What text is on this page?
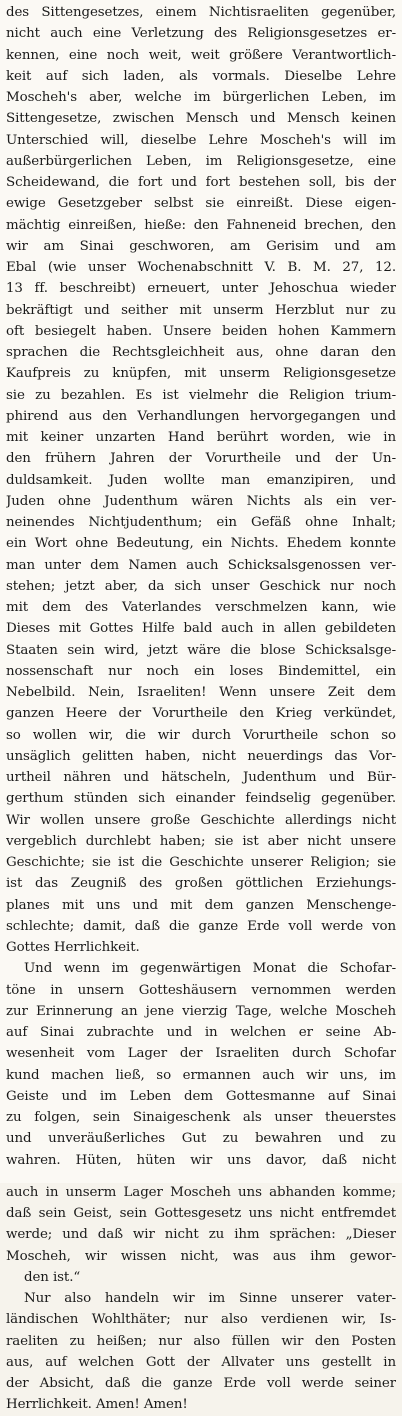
des Sittengesetzes, einem Nichtisraeliten gegenüber,
nicht auch eine Verletzung des Religionsgesetzes er-
kennen, eine noch weit, weit größere Verantwortlich-
keit auf sich laden, als vormals. Dieselbe Lehre
Moscheh's aber, welche im bürgerlichen Leben, im
Sittengesetze, zwischen Mensch und Mensch keinen
Unterschied will, dieselbe Lehre Moscheh's will im
außerbürgerlichen Leben, im Religionsgesetze, eine
Scheidewand, die fort und fort bestehen soll, bis der
ewige Gesetzgeber selbst sie einreißt. Diese eigen-
mächtig einreißen, hieße: den Fahneneid brechen, den
wir am Sinai geschworen, am Gerisim und am
Ebal (wie unser Wochenabschnitt V. B. M. 27, 12.
13 ff. beschreibt) erneuert, unter Jehoschua wieder
bekräftigt und seither mit unserm Herzblut nur zu
oft besiegelt haben. Unsere beiden hohen Kammern
sprachen die Rechtsgleichheit aus, ohne daran den
Kaufpreis zu knüpfen, mit unserm Religionsgesetze
sie zu bezahlen. Es ist vielmehr die Religion trium-
phirend aus den Verhandlungen hervorgegangen und
mit keiner unzarten Hand berührt worden, wie in
den frühern Jahren der Vorurtheile und der Un-
duldsamkeit. Juden wollte man emanzipiren, und
Juden ohne Judenthum wären Nichts als ein ver-
neinendes Nichtjudenthum; ein Gefäß ohne Inhalt;
ein Wort ohne Bedeutung, ein Nichts. Ehedem konnte
man unter dem Namen auch Schicksalsgenossen ver-
stehen; jetzt aber, da sich unser Geschick nur noch
mit dem des Vaterlandes verschmelzen kann, wie
Dieses mit Gottes Hilfe bald auch in allen gebildeten
Staaten sein wird, jetzt wäre die blose Schicksalsge-
nossenschaft nur noch ein loses Bindemittel, ein
Nebelbild. Nein, Israeliten! Wenn unsere Zeit dem
ganzen Heere der Vorurtheile den Krieg verkündet,
so wollen wir, die wir durch Vorurtheile schon so
unsäglich gelitten haben, nicht neuerdings das Vor-
urtheil nähren und hätscheln, Judenthum und Bür-
gerthum stünden sich einander feindselig gegenüber.
Wir wollen unsere große Geschichte allerdings nicht
vergeblich durchlebt haben; sie ist aber nicht unsere
Geschichte; sie ist die Geschichte unserer Religion; sie
ist das Zeugniß des großen göttlichen Erziehungs-
planes mit uns und mit dem ganzen Menschenge-
schlechte; damit, daß die ganze Erde voll werde von
Gottes Herrlichkeit.
Und wenn im gegenwärtigen Monat die Schofar-
töne in unsern Gotteshäusern vernommen werden
zur Erinnerung an jene vierzig Tage, welche Moscheh
auf Sinai zubrachte und in welchen er seine Ab-
wesenheit vom Lager der Israeliten durch Schofar
kund machen ließ, so ermannen auch wir uns, im
Geiste und im Leben dem Gottesmanne auf Sinai
zu folgen, sein Sinaigeschenk als unser theuerstes
und unveräußerliches Gut zu bewahren und zu
wahren. Hüten, hüten wir uns davor, daß nicht
auch in unserm Lager Moscheh uns abhanden komme;
daß sein Geist, sein Gottesgesetz uns nicht entfremdet
werde; und daß wir nicht zu ihm sprächen: „Dieser
Moscheh, wir wissen nicht, was aus ihm gewor-
den ist.“
Nur also handeln wir im Sinne unserer vater-
ländischen Wohlthäter; nur also verdienen wir, Is-
raeliten zu heißen; nur also füllen wir den Posten
aus, auf welchen Gott der Allvater uns gestellt in
der Absicht, daß die ganze Erde voll werde seiner
Herrlichkeit. Amen! Amen!
